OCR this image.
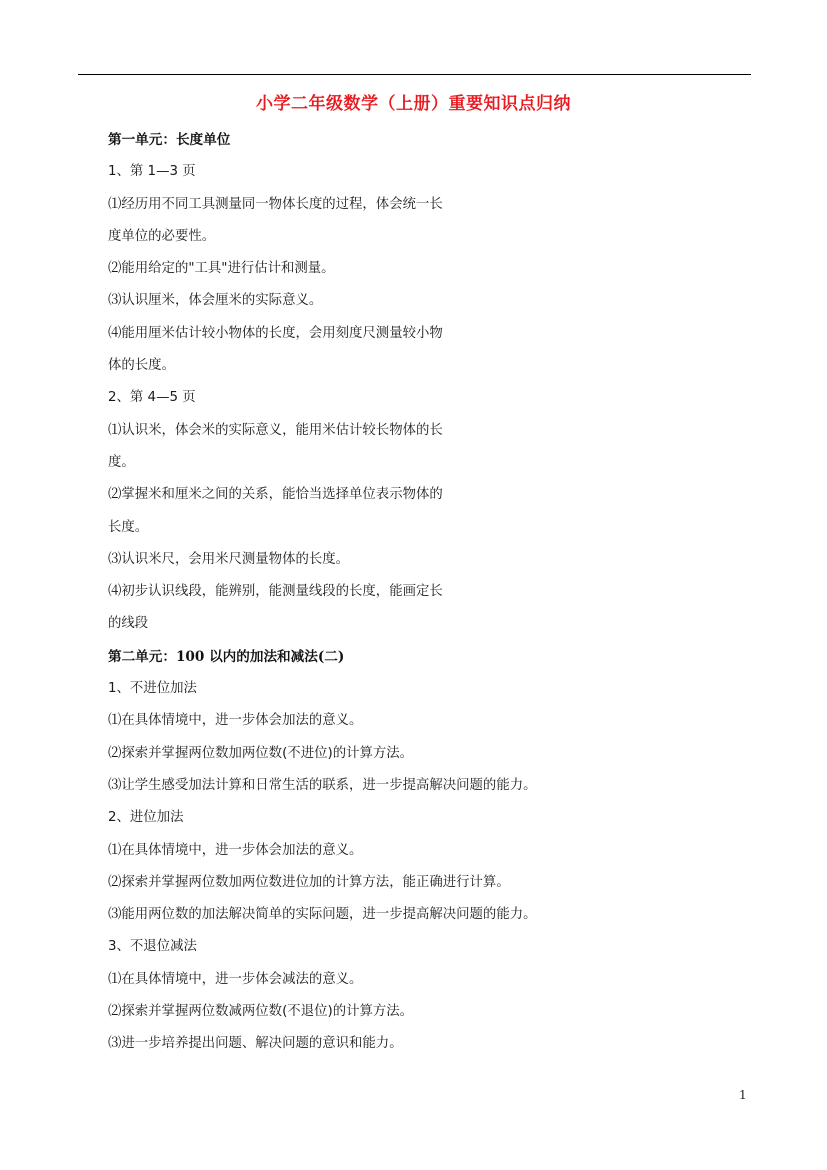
小学二年级数学（上册）重要知识点归纳
第一单元：长度单位
1、第 1—3 页
⑴经历用不同工具测量同一物体长度的过程，体会统一长
度单位的必要性。
⑵能用给定的"工具"进行估计和测量。
⑶认识厘米，体会厘米的实际意义。
⑷能用厘米估计较小物体的长度，会用刻度尺测量较小物
体的长度。
2、第 4—5 页
⑴认识米，体会米的实际意义，能用米估计较长物体的长
度。
⑵掌握米和厘米之间的关系，能恰当选择单位表示物体的
长度。
⑶认识米尺，会用米尺测量物体的长度。
⑷初步认识线段，能辨别，能测量线段的长度，能画定长
的线段
第二单元：100 以内的加法和减法(二)
1、不进位加法
⑴在具体情境中，进一步体会加法的意义。
⑵探索并掌握两位数加两位数(不进位)的计算方法。
⑶让学生感受加法计算和日常生活的联系，进一步提高解决问题的能力。
2、进位加法
⑴在具体情境中，进一步体会加法的意义。
⑵探索并掌握两位数加两位数进位加的计算方法，能正确进行计算。
⑶能用两位数的加法解决简单的实际问题，进一步提高解决问题的能力。
3、不退位减法
⑴在具体情境中，进一步体会减法的意义。
⑵探索并掌握两位数减两位数(不退位)的计算方法。
⑶进一步培养提出问题、解决问题的意识和能力。
1
